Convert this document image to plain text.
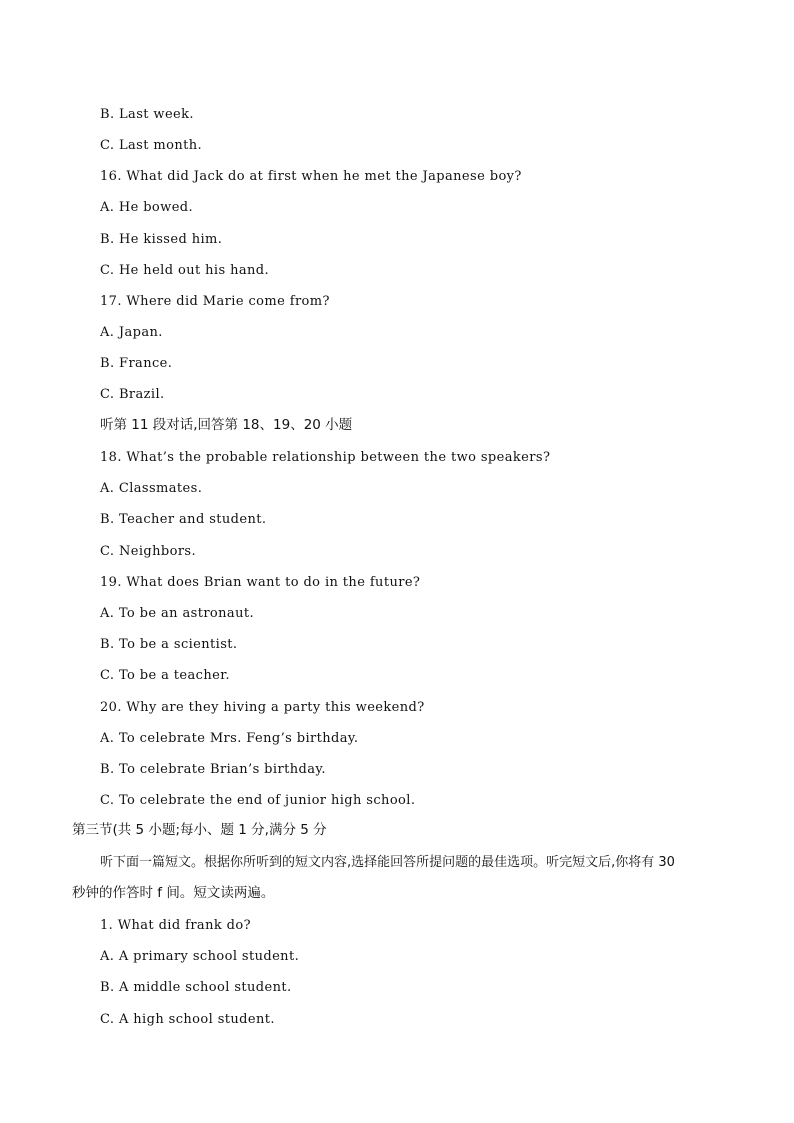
B. Last week.
C. Last month.
16. What did Jack do at first when he met the Japanese boy?
A. He bowed.
B. He kissed him.
C. He held out his hand.
17. Where did Marie come from?
A. Japan.
B. France.
C. Brazil.
听第 11 段对话,回答第 18、19、20 小题
18. What’s the probable relationship between the two speakers?
A. Classmates.
B. Teacher and student.
C. Neighbors.
19. What does Brian want to do in the future?
A. To be an astronaut.
B. To be a scientist.
C. To be a teacher.
20. Why are they hiving a party this weekend?
A. To celebrate Mrs. Feng’s birthday.
B. To celebrate Brian’s birthday.
C. To celebrate the end of junior high school.
第三节(共 5 小题;每小、题 1 分,满分 5 分
听下面一篇短文。根据你所听到的短文内容,选择能回答所提问题的最佳选项。听完短文后,你将有 30
秒钟的作答时 f 间。短文读两遍。
1. What did frank do?
A. A primary school student.
B. A middle school student.
C. A high school student.
